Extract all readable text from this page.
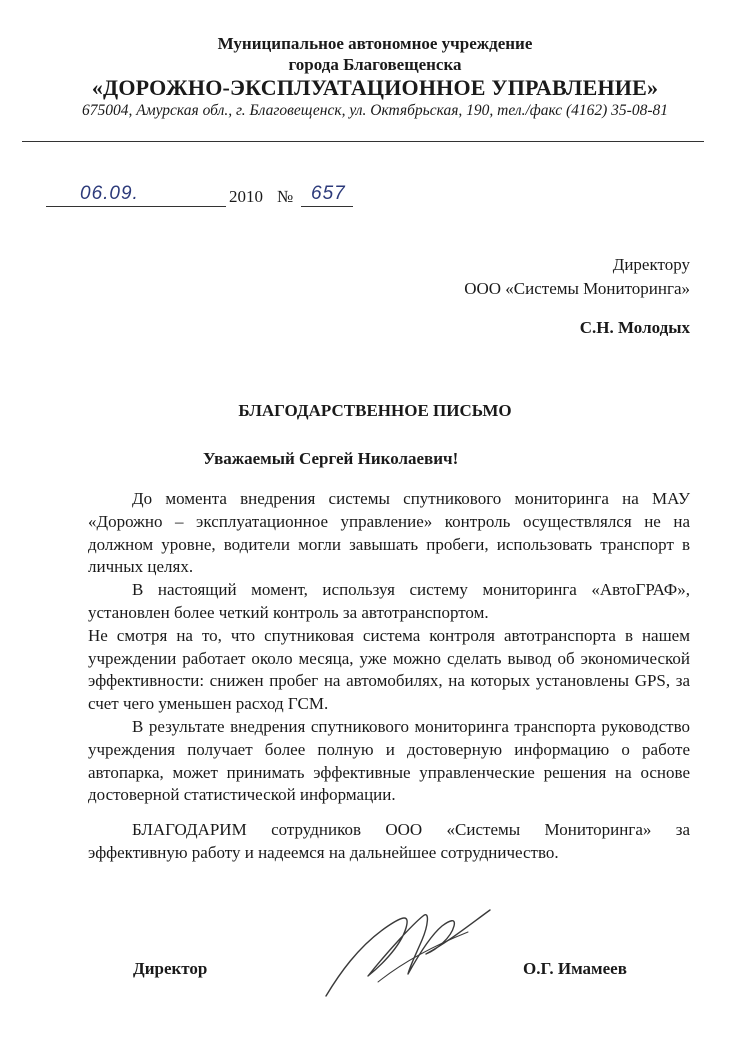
Муниципальное автономное учреждение
города Благовещенска
«ДОРОЖНО-ЭКСПЛУАТАЦИОННОЕ УПРАВЛЕНИЕ»
675004, Амурская обл., г. Благовещенск, ул. Октябрьская, 190, тел./факс (4162) 35-08-81
06.09.	2010 № 657
Директору
ООО «Системы Мониторинга»
С.Н. Молодых
БЛАГОДАРСТВЕННОЕ ПИСЬМО
Уважаемый Сергей Николаевич!

До момента внедрения системы спутникового мониторинга на МАУ «Дорожно – эксплуатационное управление» контроль осуществлялся не на должном уровне, водители могли завышать пробеги, использовать транспорт в личных целях.

В настоящий момент, используя систему мониторинга «АвтоГРАФ», установлен более четкий контроль за автотранспортом.

Не смотря на то, что спутниковая система контроля автотранспорта в нашем учреждении работает около месяца, уже можно сделать вывод об экономической эффективности: снижен пробег на автомобилях, на которых установлены GPS, за счет чего уменьшен расход ГСМ.

В результате внедрения спутникового мониторинга транспорта руководство учреждения получает более полную и достоверную информацию о работе автопарка, может принимать эффективные управленческие решения на основе достоверной статистической информации.

БЛАГОДАРИМ сотрудников ООО «Системы Мониторинга» за эффективную работу и надеемся на дальнейшее сотрудничество.

Директор	О.Г. Имамеев
